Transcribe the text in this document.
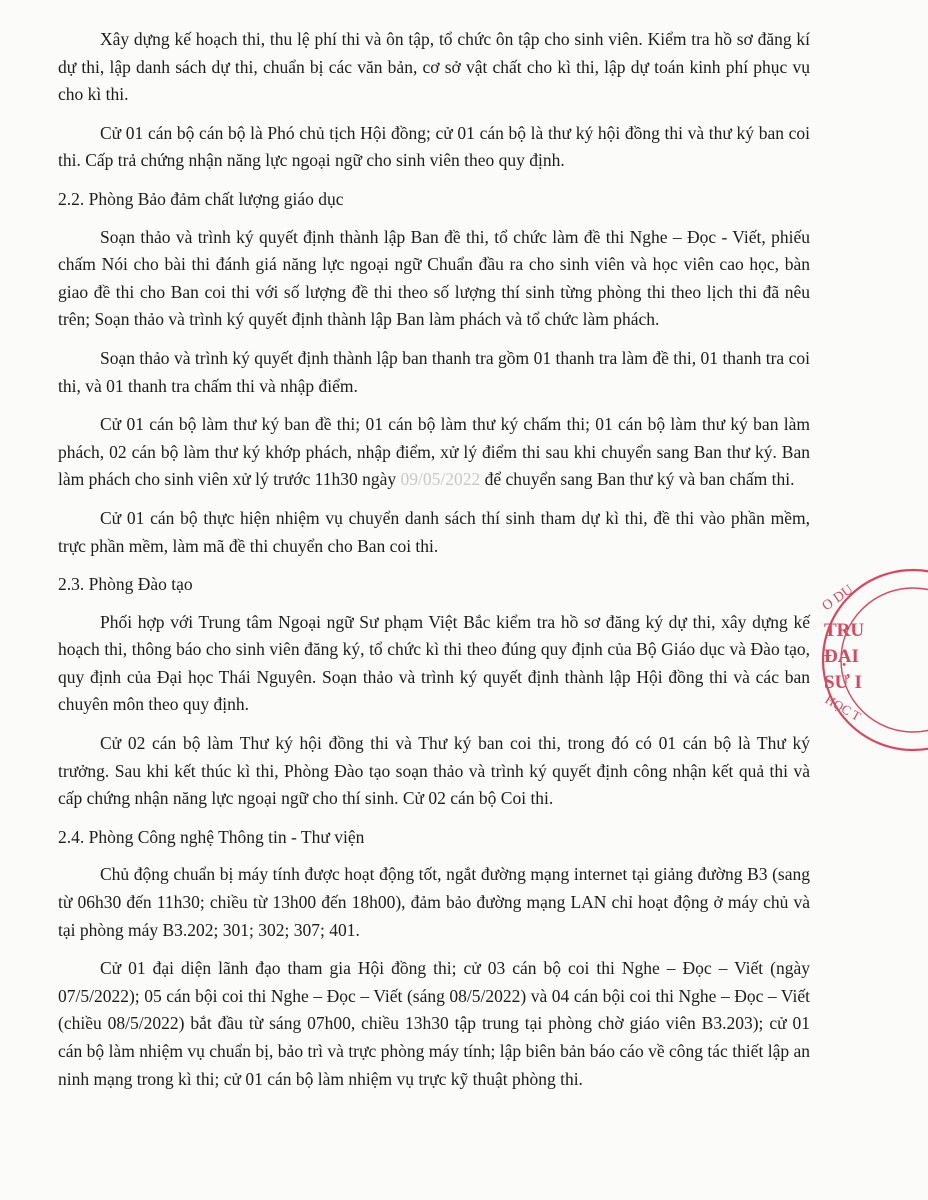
Xây dựng kế hoạch thi, thu lệ phí thi và ôn tập, tổ chức ôn tập cho sinh viên. Kiểm tra hồ sơ đăng kí dự thi, lập danh sách dự thi, chuẩn bị các văn bản, cơ sở vật chất cho kì thi, lập dự toán kinh phí phục vụ cho kì thi.

Cử 01 cán bộ cán bộ là Phó chủ tịch Hội đồng; cử 01 cán bộ là thư ký hội đồng thi và thư ký ban coi thi. Cấp trả chứng nhận năng lực ngoại ngữ cho sinh viên theo quy định.

2.2. Phòng Bảo đảm chất lượng giáo dục

Soạn thảo và trình ký quyết định thành lập Ban đề thi, tổ chức làm đề thi Nghe – Đọc - Viết, phiếu chấm Nói cho bài thi đánh giá năng lực ngoại ngữ Chuẩn đầu ra cho sinh viên và học viên cao học, bàn giao đề thi cho Ban coi thi với số lượng đề thi theo số lượng thí sinh từng phòng thi theo lịch thi đã nêu trên; Soạn thảo và trình ký quyết định thành lập Ban làm phách và tổ chức làm phách.

Soạn thảo và trình ký quyết định thành lập ban thanh tra gồm 01 thanh tra làm đề thi, 01 thanh tra coi thi, và 01 thanh tra chấm thi và nhập điểm.

Cử 01 cán bộ làm thư ký ban đề thi; 01 cán bộ làm thư ký chấm thi; 01 cán bộ làm thư ký ban làm phách, 02 cán bộ làm thư ký khớp phách, nhập điểm, xử lý điểm thi sau khi chuyển sang Ban thư ký. Ban làm phách cho sinh viên xử lý trước 11h30 ngày 09/05/2022 để chuyển sang Ban thư ký và ban chấm thi.

Cử 01 cán bộ thực hiện nhiệm vụ chuyển danh sách thí sinh tham dự kì thi, đề thi vào phần mềm, trực phần mềm, làm mã đề thi chuyển cho Ban coi thi.

2.3. Phòng Đào tạo

Phối hợp với Trung tâm Ngoại ngữ Sư phạm Việt Bắc kiểm tra hồ sơ đăng ký dự thi, xây dựng kế hoạch thi, thông báo cho sinh viên đăng ký, tổ chức kì thi theo đúng quy định của Bộ Giáo dục và Đào tạo, quy định của Đại học Thái Nguyên. Soạn thảo và trình ký quyết định thành lập Hội đồng thi và các ban chuyên môn theo quy định.

Cử 02 cán bộ làm Thư ký hội đồng thi và Thư ký ban coi thi, trong đó có 01 cán bộ là Thư ký trưởng. Sau khi kết thúc kì thi, Phòng Đào tạo soạn thảo và trình ký quyết định công nhận kết quả thi và cấp chứng nhận năng lực ngoại ngữ cho thí sinh. Cử 02 cán bộ Coi thi.

2.4. Phòng Công nghệ Thông tin - Thư viện

Chủ động chuẩn bị máy tính được hoạt động tốt, ngắt đường mạng internet tại giảng đường B3 (sang từ 06h30 đến 11h30; chiều từ 13h00 đến 18h00), đảm bảo đường mạng LAN chỉ hoạt động ở máy chủ và tại phòng máy B3.202; 301; 302; 307; 401.

Cử 01 đại diện lãnh đạo tham gia Hội đồng thi; cử 03 cán bộ coi thi Nghe – Đọc – Viết (ngày 07/5/2022); 05 cán bội coi thi Nghe – Đọc – Viết (sáng 08/5/2022) và 04 cán bội coi thi Nghe – Đọc – Viết (chiều 08/5/2022) bắt đầu từ sáng 07h00, chiều 13h30 tập trung tại phòng chờ giáo viên B3.203); cử 01 cán bộ làm nhiệm vụ chuẩn bị, bảo trì và trực phòng máy tính; lập biên bản báo cáo về công tác thiết lập an ninh mạng trong kì thi; cử 01 cán bộ làm nhiệm vụ trực kỹ thuật phòng thi.

O DU
TRU
ĐẠI
SƯ I
HỌC T
